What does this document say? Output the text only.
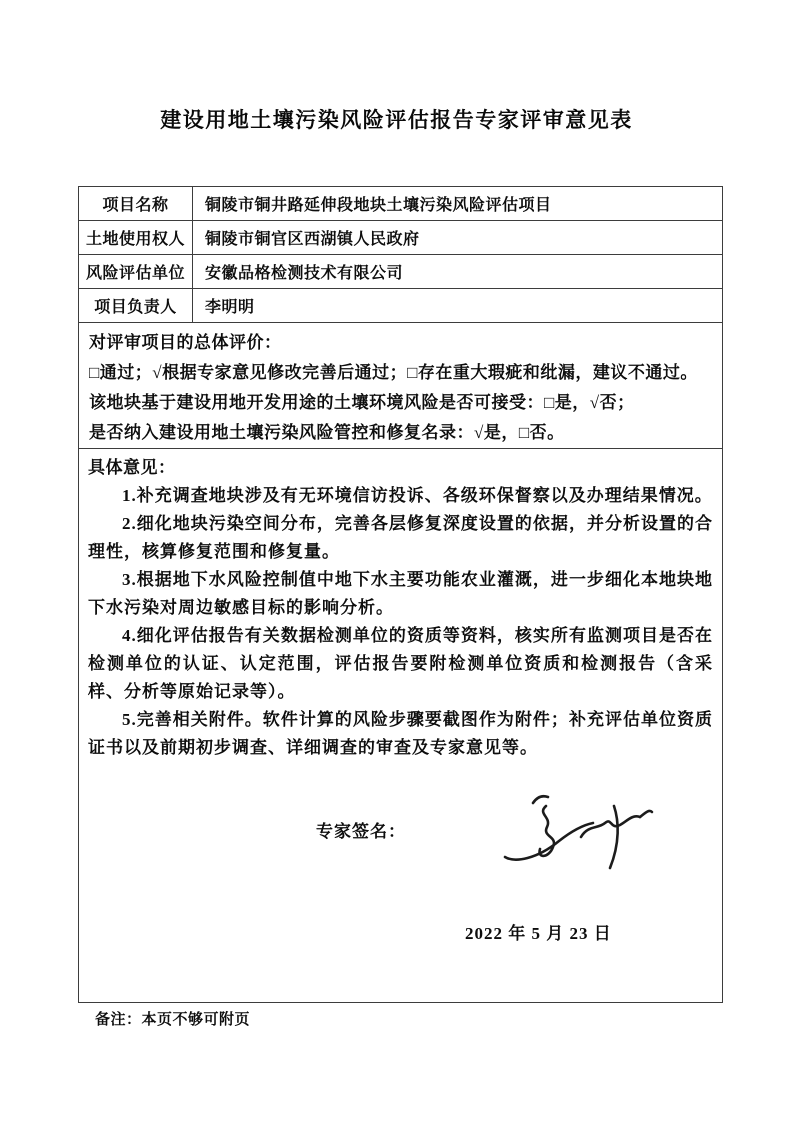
建设用地土壤污染风险评估报告专家评审意见表
项目名称	铜陵市铜井路延伸段地块土壤污染风险评估项目
土地使用权人	铜陵市铜官区西湖镇人民政府
风险评估单位	安徽品格检测技术有限公司
项目负责人	李明明

对评审项目的总体评价：

□通过；√根据专家意见修改完善后通过；□存在重大瑕疵和纰漏，建议不通过。

该地块基于建设用地开发用途的土壤环境风险是否可接受：□是，√否；

是否纳入建设用地土壤污染风险管控和修复名录：√是，□否。

具体意见：

1.补充调查地块涉及有无环境信访投诉、各级环保督察以及办理结果情况。

2.细化地块污染空间分布，完善各层修复深度设置的依据，并分析设置的合理性，核算修复范围和修复量。

3.根据地下水风险控制值中地下水主要功能农业灌溉，进一步细化本地块地下水污染对周边敏感目标的影响分析。

4.细化评估报告有关数据检测单位的资质等资料，核实所有监测项目是否在检测单位的认证、认定范围，评估报告要附检测单位资质和检测报告（含采样、分析等原始记录等）。

5.完善相关附件。软件计算的风险步骤要截图作为附件；补充评估单位资质证书以及前期初步调查、详细调查的审查及专家意见等。

专家签名：
2022 年 5 月 23 日

备注：本页不够可附页
